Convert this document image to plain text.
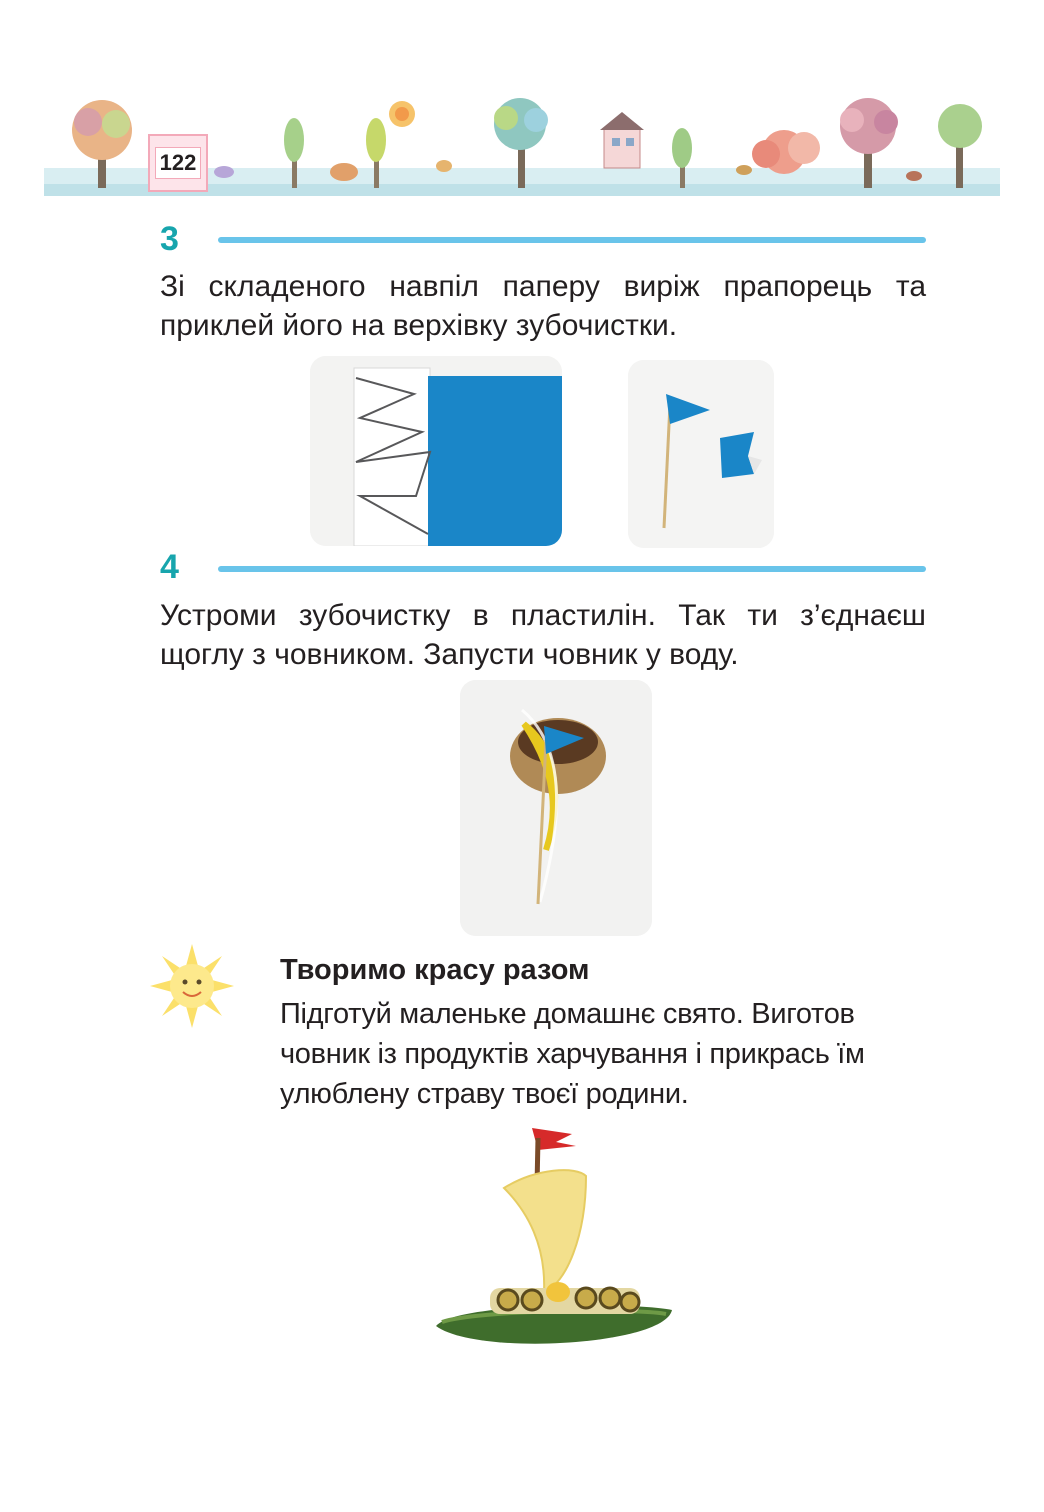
122
3
Зі складеного навпіл паперу виріж прапорець та приклей його на верхівку зубочистки.
4
Устроми зубочистку в пластилін. Так ти з’єднаєш щоглу з човником. Запусти човник у воду.
Творимо красу разом
Підготуй маленьке домашнє свято. Виготов човник із продуктів харчування і прикрась їм улюблену страву твоєї родини.
